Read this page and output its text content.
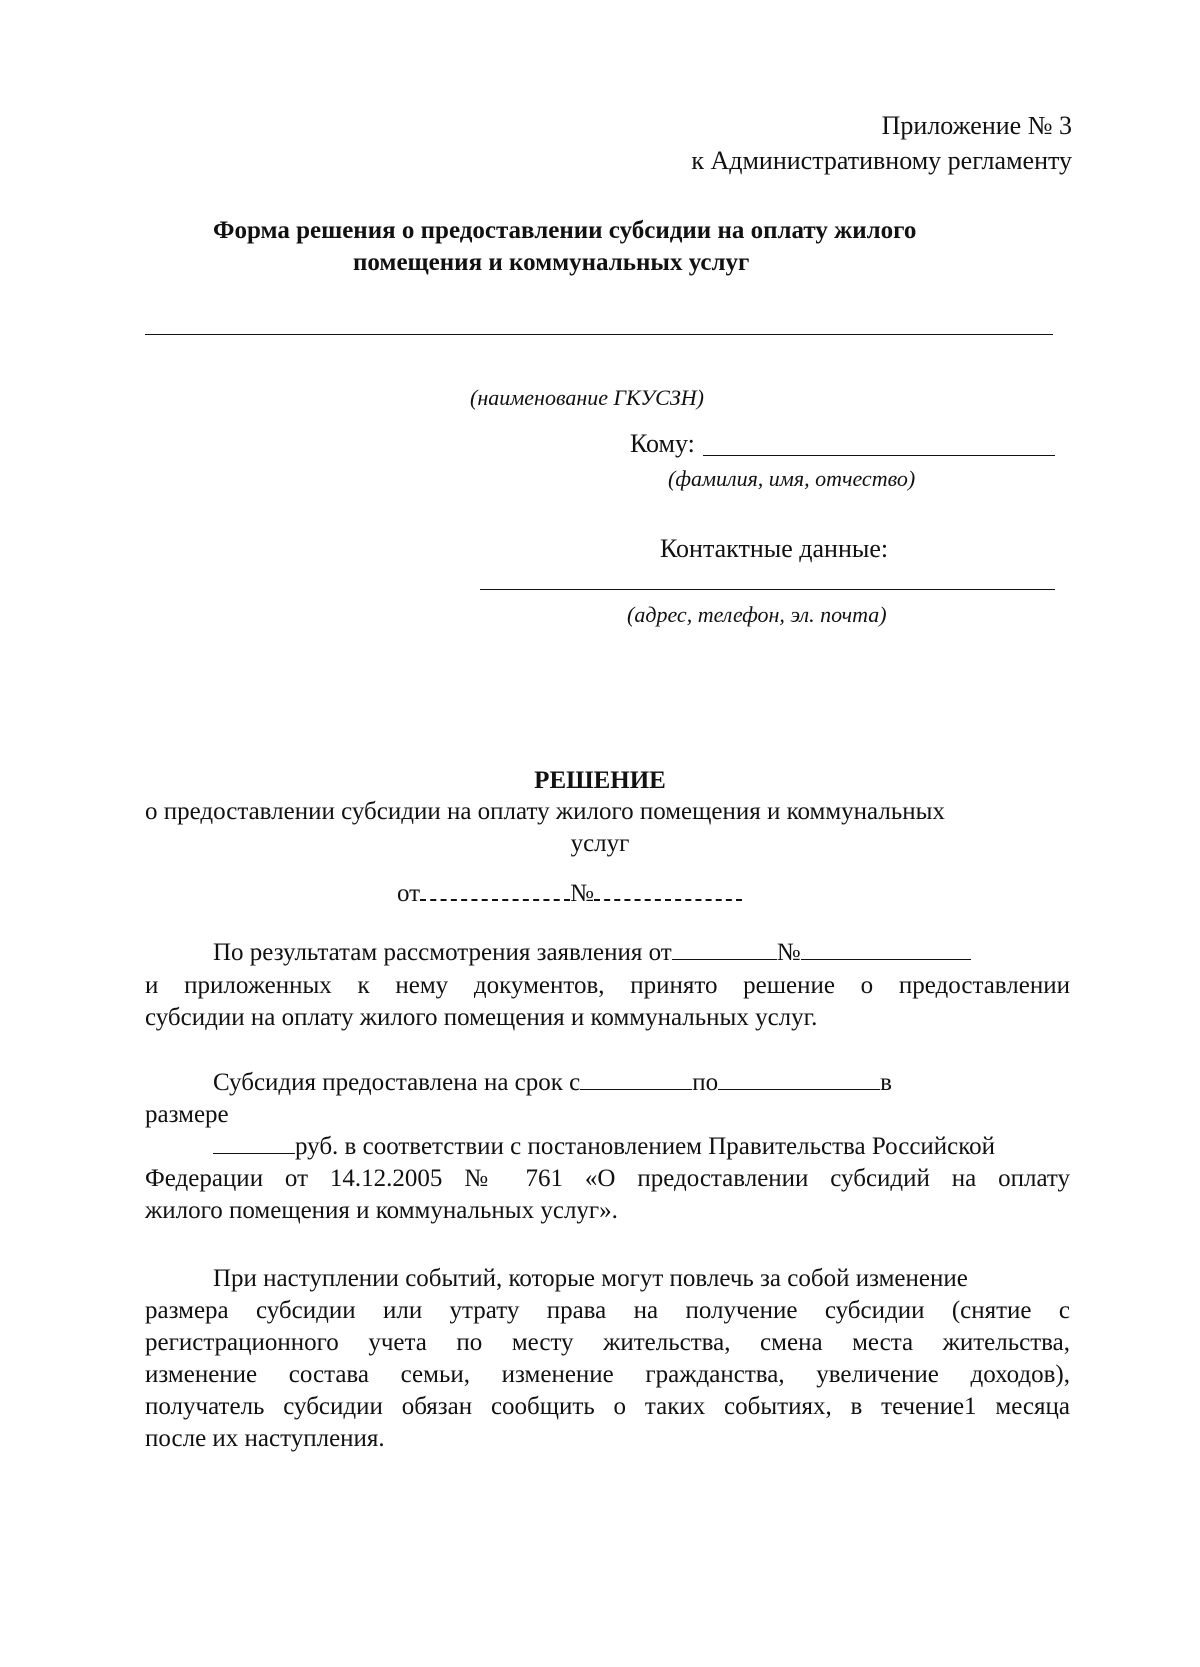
Приложение № 3
к Административному регламенту
Форма решения о предоставлении субсидии на оплату жилого
помещения и коммунальных услуг
(наименование ГКУСЗН)
Кому:
(фамилия, имя, отчество)
Контактные данные:
(адрес, телефон, эл. почта)
РЕШЕНИЕ
о предоставлении субсидии на оплату жилого помещения и коммунальных
услуг
от	№
По результатам рассмотрения заявления от	№
и приложенных к нему документов, принято решение о предоставлении
субсидии на оплату жилого помещения и коммунальных услуг.
Субсидия предоставлена на срок с	по	в
размере
руб. в соответствии с постановлением Правительства Российской
Федерации от 14.12.2005 № 761 «О предоставлении субсидий на оплату
жилого помещения и коммунальных услуг».
При наступлении событий, которые могут повлечь за собой изменение
размера субсидии или утрату права на получение субсидии (снятие с
регистрационного учета по месту жительства, смена места жительства,
изменение состава семьи, изменение гражданства, увеличение доходов),
получатель субсидии обязан сообщить о таких событиях, в течение1 месяца
после их наступления.
